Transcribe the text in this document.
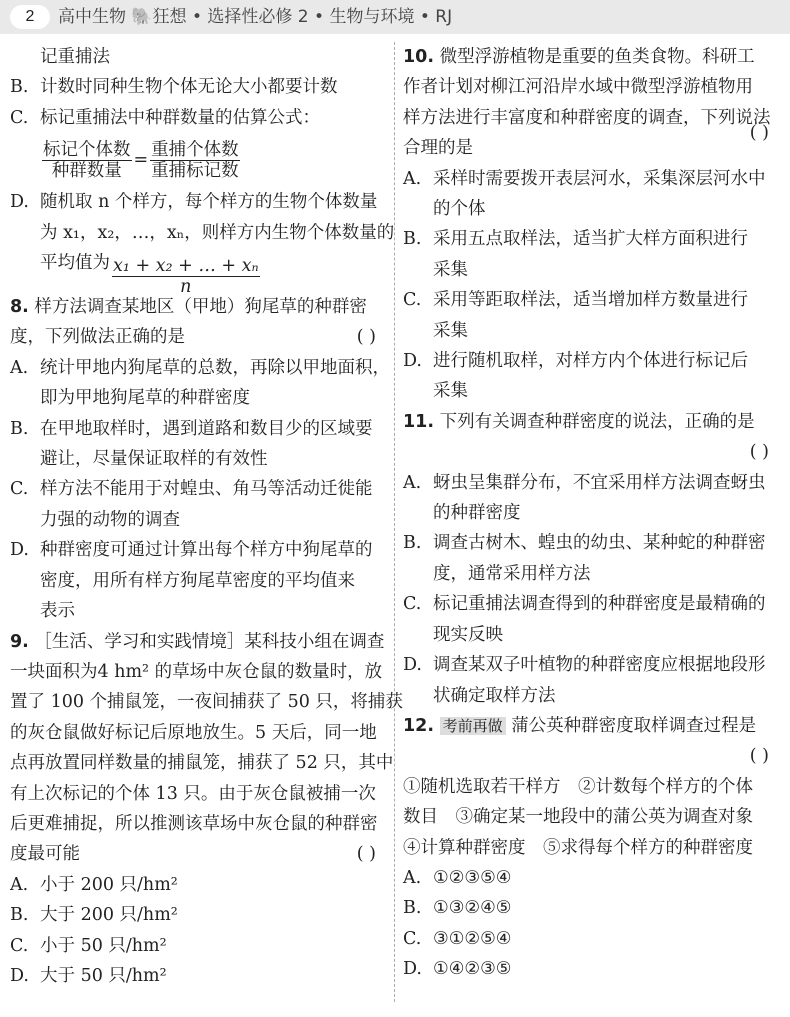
2	高中生物 🐘️狂想 • 选择性必修 2 • 生物与环境 • RJ
记重捕法
B. 计数时同种生物个体无论大小都要计数
C. 标记重捕法中种群数量的估算公式：
$\frac{\text{标记个体数}}{\text{种群数量}} = \frac{\text{重捕个体数}}{\text{重捕标记数}}$
D. 随机取 n 个样方，每个样方的生物个体数量
为 x₁，x₂，…，xₙ，则样方内生物个体数量的
平均值为 $\frac{\text{x₁ + x₂ + … + xₙ}}{n}$
8. 样方法调查某地区（甲地）狗尾草的种群密
度，下列做法正确的是	( )
A. 统计甲地内狗尾草的总数，再除以甲地面积，
即为甲地狗尾草的种群密度
B. 在甲地取样时，遇到道路和数目少的区域要
避让，尽量保证取样的有效性
C. 样方法不能用于对蝗虫、角马等活动迁徙能
力强的动物的调查
D. 种群密度可通过计算出每个样方中狗尾草的
密度，用所有样方狗尾草密度的平均值来
表示
9. ［生活、学习和实践情境］某科技小组在调查
一块面积为4 hm² 的草场中灰仓鼠的数量时，放
置了 100 个捕鼠笼，一夜间捕获了 50 只，将捕获
的灰仓鼠做好标记后原地放生。5 天后，同一地
点再放置同样数量的捕鼠笼，捕获了 52 只，其中
有上次标记的个体 13 只。由于灰仓鼠被捕一次
后更难捕捉，所以推测该草场中灰仓鼠的种群密
度最可能	( )
A. 小于 200 只/hm²
B. 大于 200 只/hm²
C. 小于 50 只/hm²
D. 大于 50 只/hm²
10. 微型浮游植物是重要的鱼类食物。科研工
作者计划对柳江河沿岸水域中微型浮游植物用
样方法进行丰富度和种群密度的调查，下列说法
合理的是
( )
A. 采样时需要拨开表层河水，采集深层河水中
的个体
B. 采用五点取样法，适当扩大样方面积进行
采集
C. 采用等距取样法，适当增加样方数量进行
采集
D. 进行随机取样，对样方内个体进行标记后
采集
11. 下列有关调查种群密度的说法，正确的是
( )
A. 蚜虫呈集群分布，不宜采用样方法调查蚜虫
的种群密度
B. 调查古树木、蝗虫的幼虫、某种蛇的种群密
度，通常采用样方法
C. 标记重捕法调查得到的种群密度是最精确的
现实反映
D. 调查某双子叶植物的种群密度应根据地段形
状确定取样方法
12. 考前再做 蒲公英种群密度取样调查过程是
( )
①随机选取若干样方　②计数每个样方的个体
数目　③确定某一地段中的蒲公英为调查对象
④计算种群密度　⑤求得每个样方的种群密度
A. ①②③⑤④
B. ①③②④⑤
C. ③①②⑤④
D. ①④②③⑤
